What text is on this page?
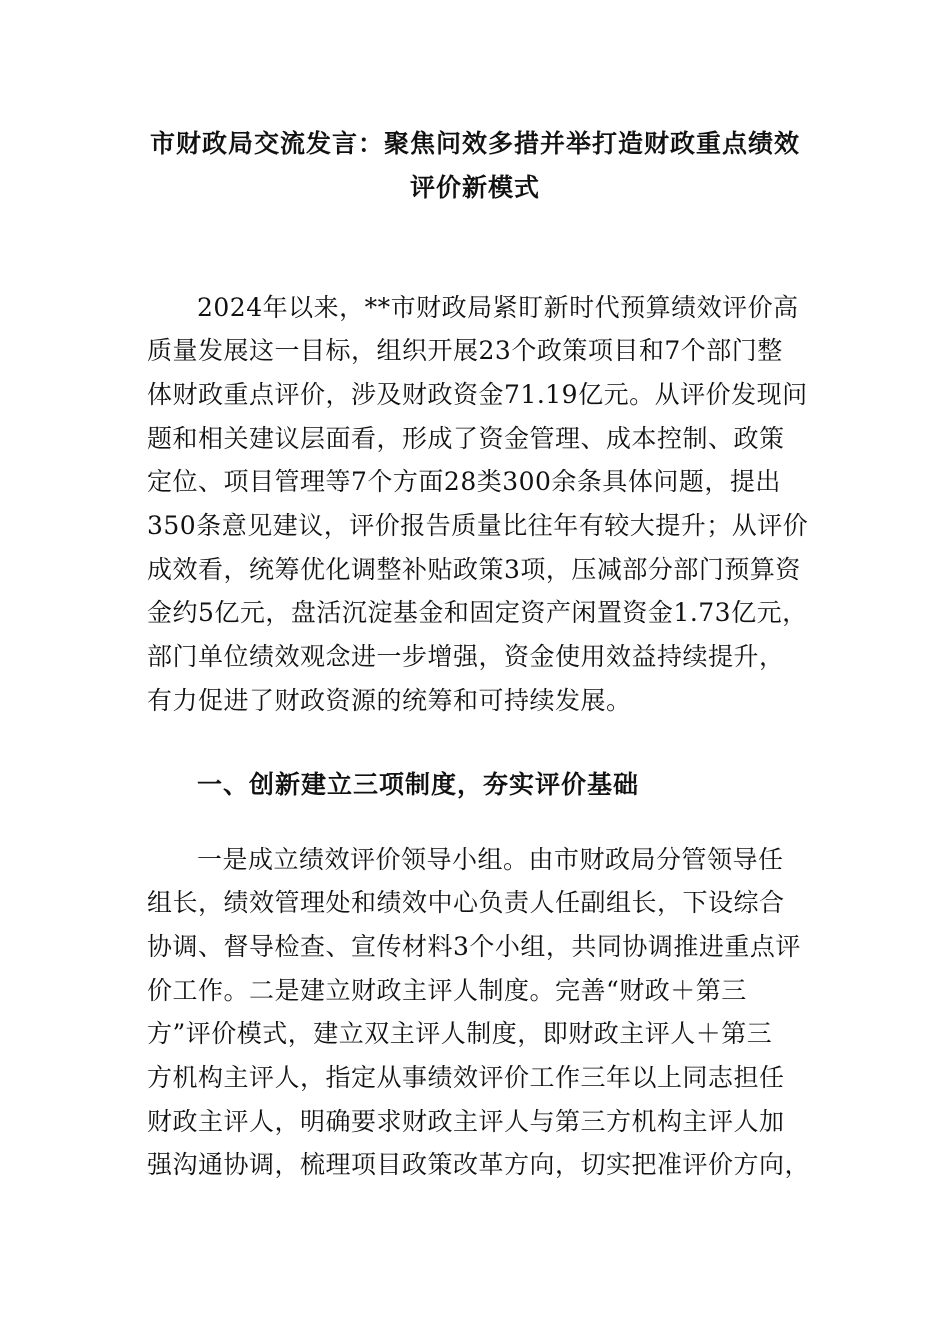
市财政局交流发言：聚焦问效多措并举打造财政重点绩效
评价新模式
2024年以来，**市财政局紧盯新时代预算绩效评价高
质量发展这一目标，组织开展23个政策项目和7个部门整
体财政重点评价，涉及财政资金71.19亿元。从评价发现问
题和相关建议层面看，形成了资金管理、成本控制、政策
定位、项目管理等7个方面28类300余条具体问题，提出
350条意见建议，评价报告质量比往年有较大提升；从评价
成效看，统筹优化调整补贴政策3项，压减部分部门预算资
金约5亿元，盘活沉淀基金和固定资产闲置资金1.73亿元，
部门单位绩效观念进一步增强，资金使用效益持续提升，
有力促进了财政资源的统筹和可持续发展。
一、创新建立三项制度，夯实评价基础
一是成立绩效评价领导小组。由市财政局分管领导任
组长，绩效管理处和绩效中心负责人任副组长，下设综合
协调、督导检查、宣传材料3个小组，共同协调推进重点评
价工作。二是建立财政主评人制度。完善“财政＋第三
方”评价模式，建立双主评人制度，即财政主评人＋第三
方机构主评人，指定从事绩效评价工作三年以上同志担任
财政主评人，明确要求财政主评人与第三方机构主评人加
强沟通协调，梳理项目政策改革方向，切实把准评价方向，
